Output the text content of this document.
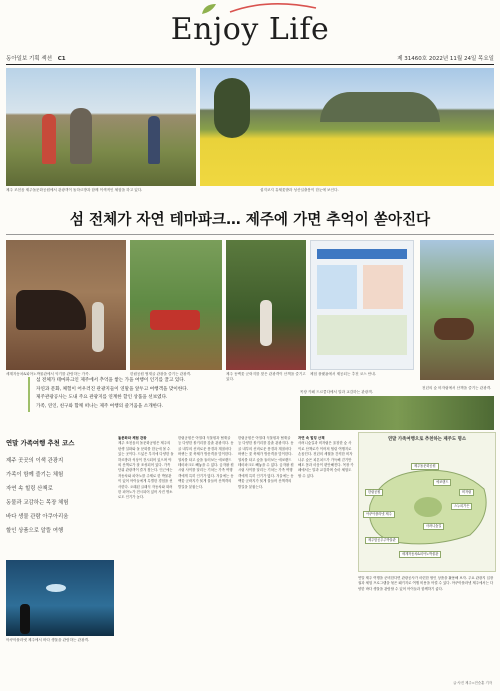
Enjoy Life
동아일보 기획 섹션 C1	제 31460호 2022년 11월 24일 목요일
제주 조천읍 제주돌문화공원에서 관광객이 돌하르방과 함께 이색적인 체험을 하고 있다.	섭지코지 유채꽃밭과 성산일출봉이 한눈에 보인다.
섬 전체가 자연 테마파크… 제주에 가면 추억이 쏟아진다
세계자동차&피아노박물관에서 악기를 관람하는 가족.	한림공원 협재굴 관광을 즐기는 관광객.	제주 동백꽃 군락지를 찾은 관광객이 산책을 즐기고 있다.
체험 플랫폼에서 제공되는 추천 코스 안내.
목장 카페 드르쿰다에서 말과 교감하는 관광객.
섬 전체가 테마파크인 제주에서 추억을 쌓는 가을 여행이 인기를 끌고 있다.
자연과 문화, 체험이 어우러진 관광지들이 연말을 앞두고 여행객을 맞이한다.
제주관광공사는 도내 주요 관광지를 연계한 할인 상품을 선보였다.
가족, 연인, 친구와 함께 떠나는 제주 여행의 즐거움을 소개한다.
천년의 숲 비자림에서 산책을 즐기는 관광객.
연말 가족여행 추천 코스
제주 곳곳의 이색 관광지
가족이 함께 즐기는 체험
자연 속 힐링 산책로
동물과 교감하는 목장 체험
바다 생물 관람 아쿠아리움
할인 상품으로 알뜰 여행
아쿠아플라넷 제주에서 바다 생물을 관람하는 관광객.
돌문화와 체험 관광
제주 조천읍의 돌문화공원은 제주의 탄생 설화와 돌 문화를 한눈에 볼 수 있는 곳이다. 드넓은 부지에 다양한 돌하르방과 석상이 전시되어 있으며 야외 산책로가 잘 조성되어 있다. 가족 단위 관광객이 즐겨 찾는다. 인근에는 자동차와 피아노를 주제로 한 박물관이 있어 아이들에게 특별한 경험을 선사한다. 오래된 클래식 자동차와 화려한 피아노가 전시되어 있어 사진 명소로도 인기가 높다.
한림공원은 아열대 식물원과 협재굴 등 다양한 볼거리를 갖춘 관광지다. 동굴 내부의 신비로운 풍경과 계절마다 바뀌는 꽃 축제가 방문객을 맞이한다. 열차를 타고 숲을 둘러보는 에코랜드 테마파크도 빼놓을 수 없다. 곶자왈 원시림 사이를 달리는 기차는 가족 여행객에게 특히 인기가 많다. 겨울에는 동백꽃 군락지가 붉게 물들어 산책객의 발길을 붙잡는다.
한림공원은 아열대 식물원과 협재굴 등 다양한 볼거리를 갖춘 관광지다. 동굴 내부의 신비로운 풍경과 계절마다 바뀌는 꽃 축제가 방문객을 맞이한다. 열차를 타고 숲을 둘러보는 에코랜드 테마파크도 빼놓을 수 없다. 곶자왈 원시림 사이를 달리는 기차는 가족 여행객에게 특히 인기가 많다. 겨울에는 동백꽃 군락지가 붉게 물들어 산책객의 발길을 붙잡는다.
자연 속 힐링 산책
사려니숲길과 비자림은 울창한 숲 사이로 산책로가 이어져 힐링 여행지로 손꼽힌다. 천년의 세월을 간직한 비자나무 숲은 피톤치드가 가득해 걷기만 해도 몸과 마음이 편안해진다. 목장 카페에서는 말과 교감하며 승마 체험도 할 수 있다.
연말 제주 여행을 준비한다면 관광공사가 마련한 할인 상품을 활용해 보자. 주요 관광지 입장권과 체험 프로그램을 묶은 패키지로 여행 비용을 아낄 수 있다. 아쿠아플라넷 제주에서는 다양한 바다 생물을 관람할 수 있어 아이들과 함께하기 좋다.
연말 가족여행으로 추천하는 제주도 명소
제주돌문화공원
에코랜드
한림공원	비자림
스누피가든
아쿠아플라넷 제주
사려니숲길
제주항공우주박물관
세계자동차&피아노박물관
글·사진 제주=전승훈 기자
